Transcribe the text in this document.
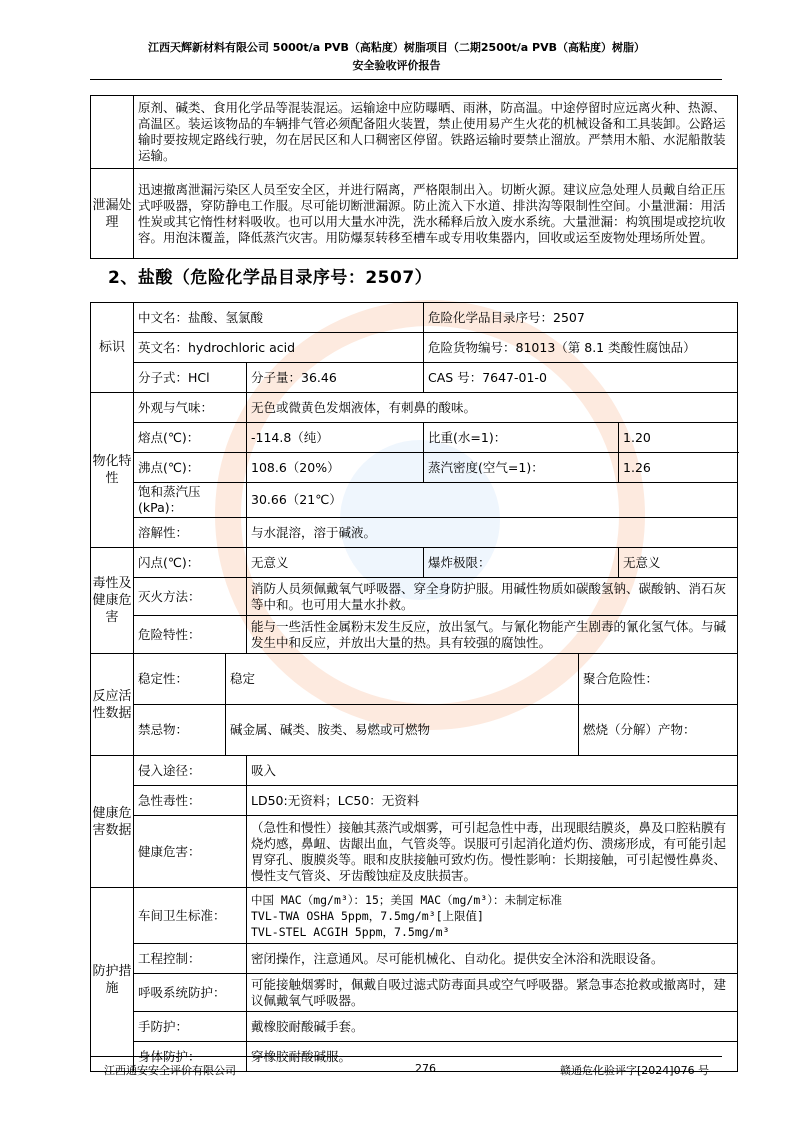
江西天辉新材料有限公司 5000t/a PVB（高粘度）树脂项目（二期2500t/a PVB（高粘度）树脂）
安全验收评价报告
	原剂、碱类、食用化学品等混装混运。运输途中应防曝晒、雨淋，防高温。中途停留时应远离火种、热源、高温区。装运该物品的车辆排气管必须配备阻火装置，禁止使用易产生火花的机械设备和工具装卸。公路运输时要按规定路线行驶，勿在居民区和人口稠密区停留。铁路运输时要禁止溜放。严禁用木船、水泥船散装运输。
泄漏处理	迅速撤离泄漏污染区人员至安全区，并进行隔离，严格限制出入。切断火源。建议应急处理人员戴自给正压式呼吸器，穿防静电工作服。尽可能切断泄漏源。防止流入下水道、排洪沟等限制性空间。小量泄漏：用活性炭或其它惰性材料吸收。也可以用大量水冲洗，洗水稀释后放入废水系统。大量泄漏：构筑围堤或挖坑收容。用泡沫覆盖，降低蒸汽灾害。用防爆泵转移至槽车或专用收集器内，回收或运至废物处理场所处置。
2、盐酸（危险化学品目录序号：2507）
标识	中文名：盐酸、氢氯酸			危险化学品目录序号：2507			
	英文名：hydrochloric acid			危险货物编号：81013（第 8.1 类酸性腐蚀品）			
	分子式：HCl		分子量：36.46	CAS 号：7647-01-0			
物化特性	外观与气味：		无色或微黄色发烟液体，有刺鼻的酸味。				
	熔点(℃)：		-114.8（纯）	比重(水=1)：		1.20	
	沸点(℃)：		108.6（20%）	蒸汽密度(空气=1)：		1.26	
	饱和蒸汽压(kPa)：		30.66（21℃）				
	溶解性：		与水混溶，溶于碱液。				
毒性及健康危害	闪点(℃)：		无意义	爆炸极限：		无意义	
	灭火方法：		消防人员须佩戴氧气呼吸器、穿全身防护服。用碱性物质如碳酸氢钠、碳酸钠、消石灰等中和。也可用大量水扑救。				
	危险特性：		能与一些活性金属粉末发生反应，放出氢气。与氰化物能产生剧毒的氰化氢气体。与碱发生中和反应，并放出大量的热。具有较强的腐蚀性。				
反应活性数据	稳定性：	稳定			聚合危险性：	
	禁忌物：	碱金属、碱类、胺类、易燃或可燃物			燃烧（分解）产物：	
健康危害数据	侵入途径：		吸入				
	急性毒性：		LD50:无资料；LC50：无资料				
	健康危害：		（急性和慢性）接触其蒸汽或烟雾，可引起急性中毒，出现眼结膜炎，鼻及口腔粘膜有烧灼感，鼻衄、齿龈出血，气管炎等。误服可引起消化道灼伤、溃疡形成，有可能引起胃穿孔、腹膜炎等。眼和皮肤接触可致灼伤。慢性影响：长期接触，可引起慢性鼻炎、慢性支气管炎、牙齿酸蚀症及皮肤损害。				
防护措施	车间卫生标准：		中国 MAC（mg/m³）：15；美国 MAC（mg/m³）：未制定标准
TVL-TWA OSHA 5ppm，7.5mg/m³[上限值]
TVL-STEL ACGIH 5ppm，7.5mg/m³				

	工程控制：		密闭操作，注意通风。尽可能机械化、自动化。提供安全沐浴和洗眼设备。				
	呼吸系统防护：		可能接触烟雾时，佩戴自吸过滤式防毒面具或空气呼吸器。紧急事态抢救或撤离时，建议佩戴氧气呼吸器。				
	手防护：		戴橡胶耐酸碱手套。				
	身体防护：		穿橡胶耐酸碱服。				
江西通安安全评价有限公司	276	赣通危化验评字[2024]076 号
